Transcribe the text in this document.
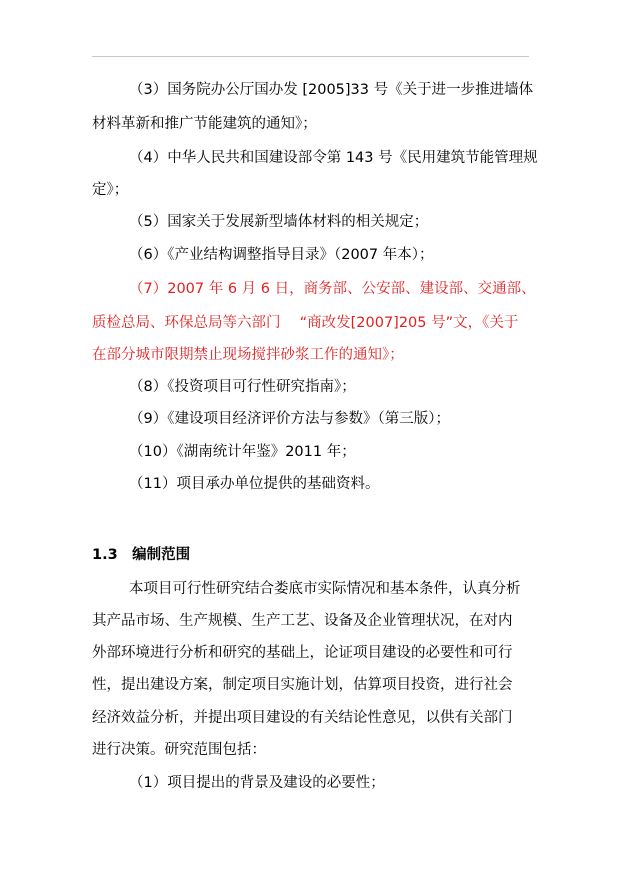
（3）国务院办公厅国办发 [2005]33 号《关于进一步推进墙体
材料革新和推广节能建筑的通知》；
（4）中华人民共和国建设部令第 143 号《民用建筑节能管理规
定》；
（5）国家关于发展新型墙体材料的相关规定；
（6）《产业结构调整指导目录》（2007 年本）；
（7）2007 年 6 月 6 日，商务部、公安部、建设部、交通部、
质检总局、环保总局等六部门　 “商改发[2007]205 号”文，《关于
在部分城市限期禁止现场搅拌砂浆工作的通知》；
（8）《投资项目可行性研究指南》；
（9）《建设项目经济评价方法与参数》（第三版）；
（10）《湖南统计年鉴》2011 年；
（11）项目承办单位提供的基础资料。
1.3　编制范围
本项目可行性研究结合娄底市实际情况和基本条件，认真分析
其产品市场、生产规模、生产工艺、设备及企业管理状况，在对内
外部环境进行分析和研究的基础上，论证项目建设的必要性和可行
性，提出建设方案，制定项目实施计划，估算项目投资，进行社会
经济效益分析，并提出项目建设的有关结论性意见，以供有关部门
进行决策。研究范围包括：
（1）项目提出的背景及建设的必要性；
